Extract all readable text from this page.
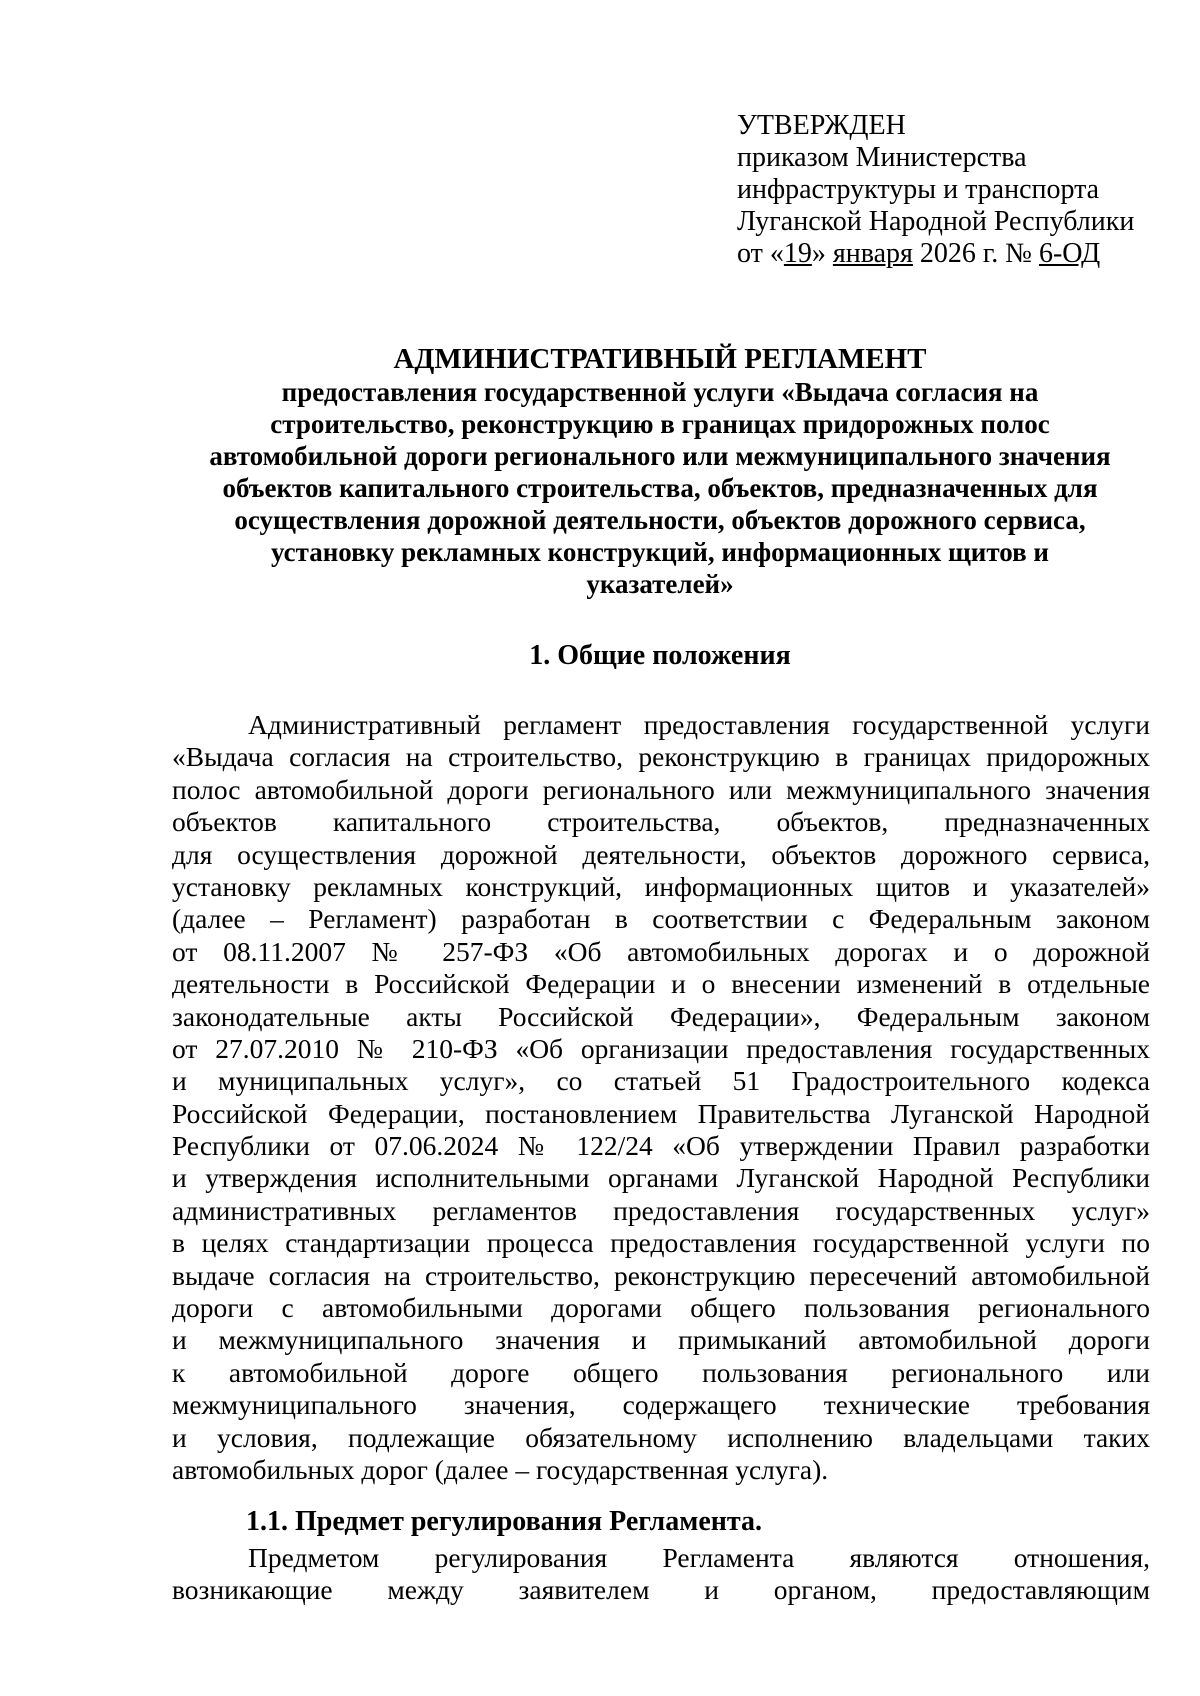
УТВЕРЖДЕН
приказом Министерства
инфраструктуры и транспорта
Луганской Народной Республики
от «19» января 2026 г. № 6-ОД
АДМИНИСТРАТИВНЫЙ РЕГЛАМЕНТ
предоставления государственной услуги «Выдача согласия на
строительство, реконструкцию в границах придорожных полос
автомобильной дороги регионального или межмуниципального значения
объектов капитального строительства, объектов, предназначенных для
осуществления дорожной деятельности, объектов дорожного сервиса,
установку рекламных конструкций, информационных щитов и
указателей»
1. Общие положения
Административный регламент предоставления государственной услуги
«Выдача согласия на строительство, реконструкцию в границах придорожных
полос автомобильной дороги регионального или межмуниципального значения
объектов капитального строительства, объектов, предназначенных
для осуществления дорожной деятельности, объектов дорожного сервиса,
установку рекламных конструкций, информационных щитов и указателей»
(далее – Регламент) разработан в соответствии с Федеральным законом
от 08.11.2007 № 257-ФЗ «Об автомобильных дорогах и о дорожной
деятельности в Российской Федерации и о внесении изменений в отдельные
законодательные акты Российской Федерации», Федеральным законом
от 27.07.2010 № 210-ФЗ «Об организации предоставления государственных
и муниципальных услуг», со статьей 51 Градостроительного кодекса
Российской Федерации, постановлением Правительства Луганской Народной
Республики от 07.06.2024 № 122/24 «Об утверждении Правил разработки
и утверждения исполнительными органами Луганской Народной Республики
административных регламентов предоставления государственных услуг»
в целях стандартизации процесса предоставления государственной услуги по
выдаче согласия на строительство, реконструкцию пересечений автомобильной
дороги с автомобильными дорогами общего пользования регионального
и межмуниципального значения и примыканий автомобильной дороги
к автомобильной дороге общего пользования регионального или
межмуниципального значения, содержащего технические требования
и условия, подлежащие обязательному исполнению владельцами таких
автомобильных дорог (далее – государственная услуга).
1.1. Предмет регулирования Регламента.
Предметом регулирования Регламента являются отношения,
возникающие между заявителем и органом, предоставляющим
